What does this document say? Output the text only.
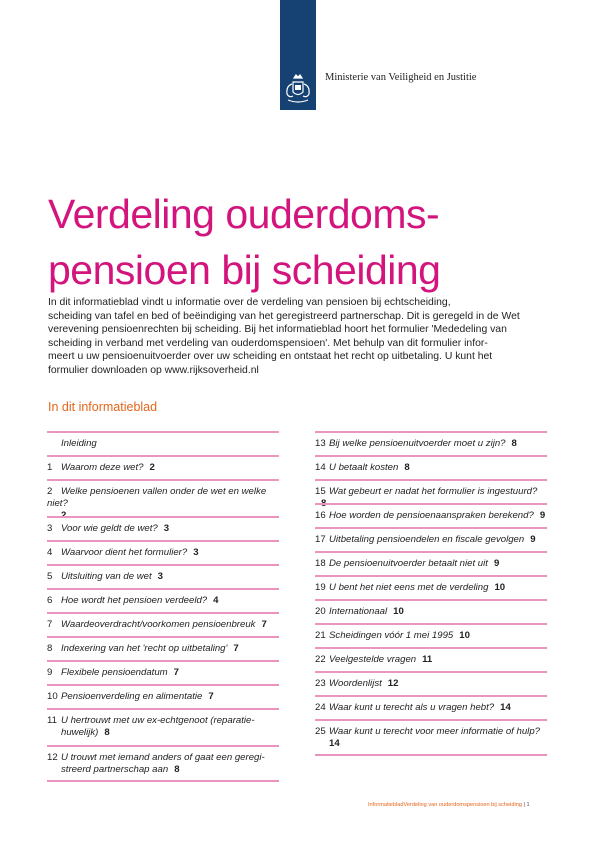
Ministerie van Veiligheid en Justitie
Verdeling ouderdoms-
pensioen bij scheiding

In dit informatieblad vindt u informatie over de verdeling van pensioen bij echtscheiding,
scheiding van tafel en bed of beëindiging van het geregistreerd partnerschap. Dit is geregeld in de Wet
verevening pensioenrechten bij scheiding. Bij het informatieblad hoort het formulier 'Mededeling van
scheiding in verband met verdeling van ouderdomspensioen'. Met behulp van dit formulier infor-
meert u uw pensioenuitvoerder over uw scheiding en ontstaat het recht op uitbetaling. U kunt het
formulier downloaden op www.rijksoverheid.nl

In dit informatieblad
Inleiding
1 Waarom deze wet? 2
2 Welke pensioenen vallen onder de wet en welke niet?
2
3 Voor wie geldt de wet? 3
4 Waarvoor dient het formulier? 3
5 Uitsluiting van de wet 3
6 Hoe wordt het pensioen verdeeld? 4
7 Waardeoverdracht/voorkomen pensioenbreuk 7
8 Indexering van het 'recht op uitbetaling' 7
9 Flexibele pensioendatum 7
10 Pensioenverdeling en alimentatie 7
11 U hertrouwt met uw ex-echtgenoot (reparatie-
huwelijk) 8
12 U trouwt met iemand anders of gaat een geregi-
streerd partnerschap aan 8
13 Bij welke pensioenuitvoerder moet u zijn? 8
14 U betaalt kosten 8
15 Wat gebeurt er nadat het formulier is ingestuurd?8
16 Hoe worden de pensioenaanspraken berekend? 9
17 Uitbetaling pensioendelen en fiscale gevolgen 9
18 De pensioenuitvoerder betaalt niet uit 9
19 U bent het niet eens met de verdeling 10
20 Internationaal 10
21 Scheidingen vóór 1 mei 1995 10
22 Veelgestelde vragen 11
23 Woordenlijst 12
24 Waar kunt u terecht als u vragen hebt? 14
25 Waar kunt u terecht voor meer informatie of hulp?
14
InformatiebladVerdeling van ouderdomspensioen bij scheiding | 1
